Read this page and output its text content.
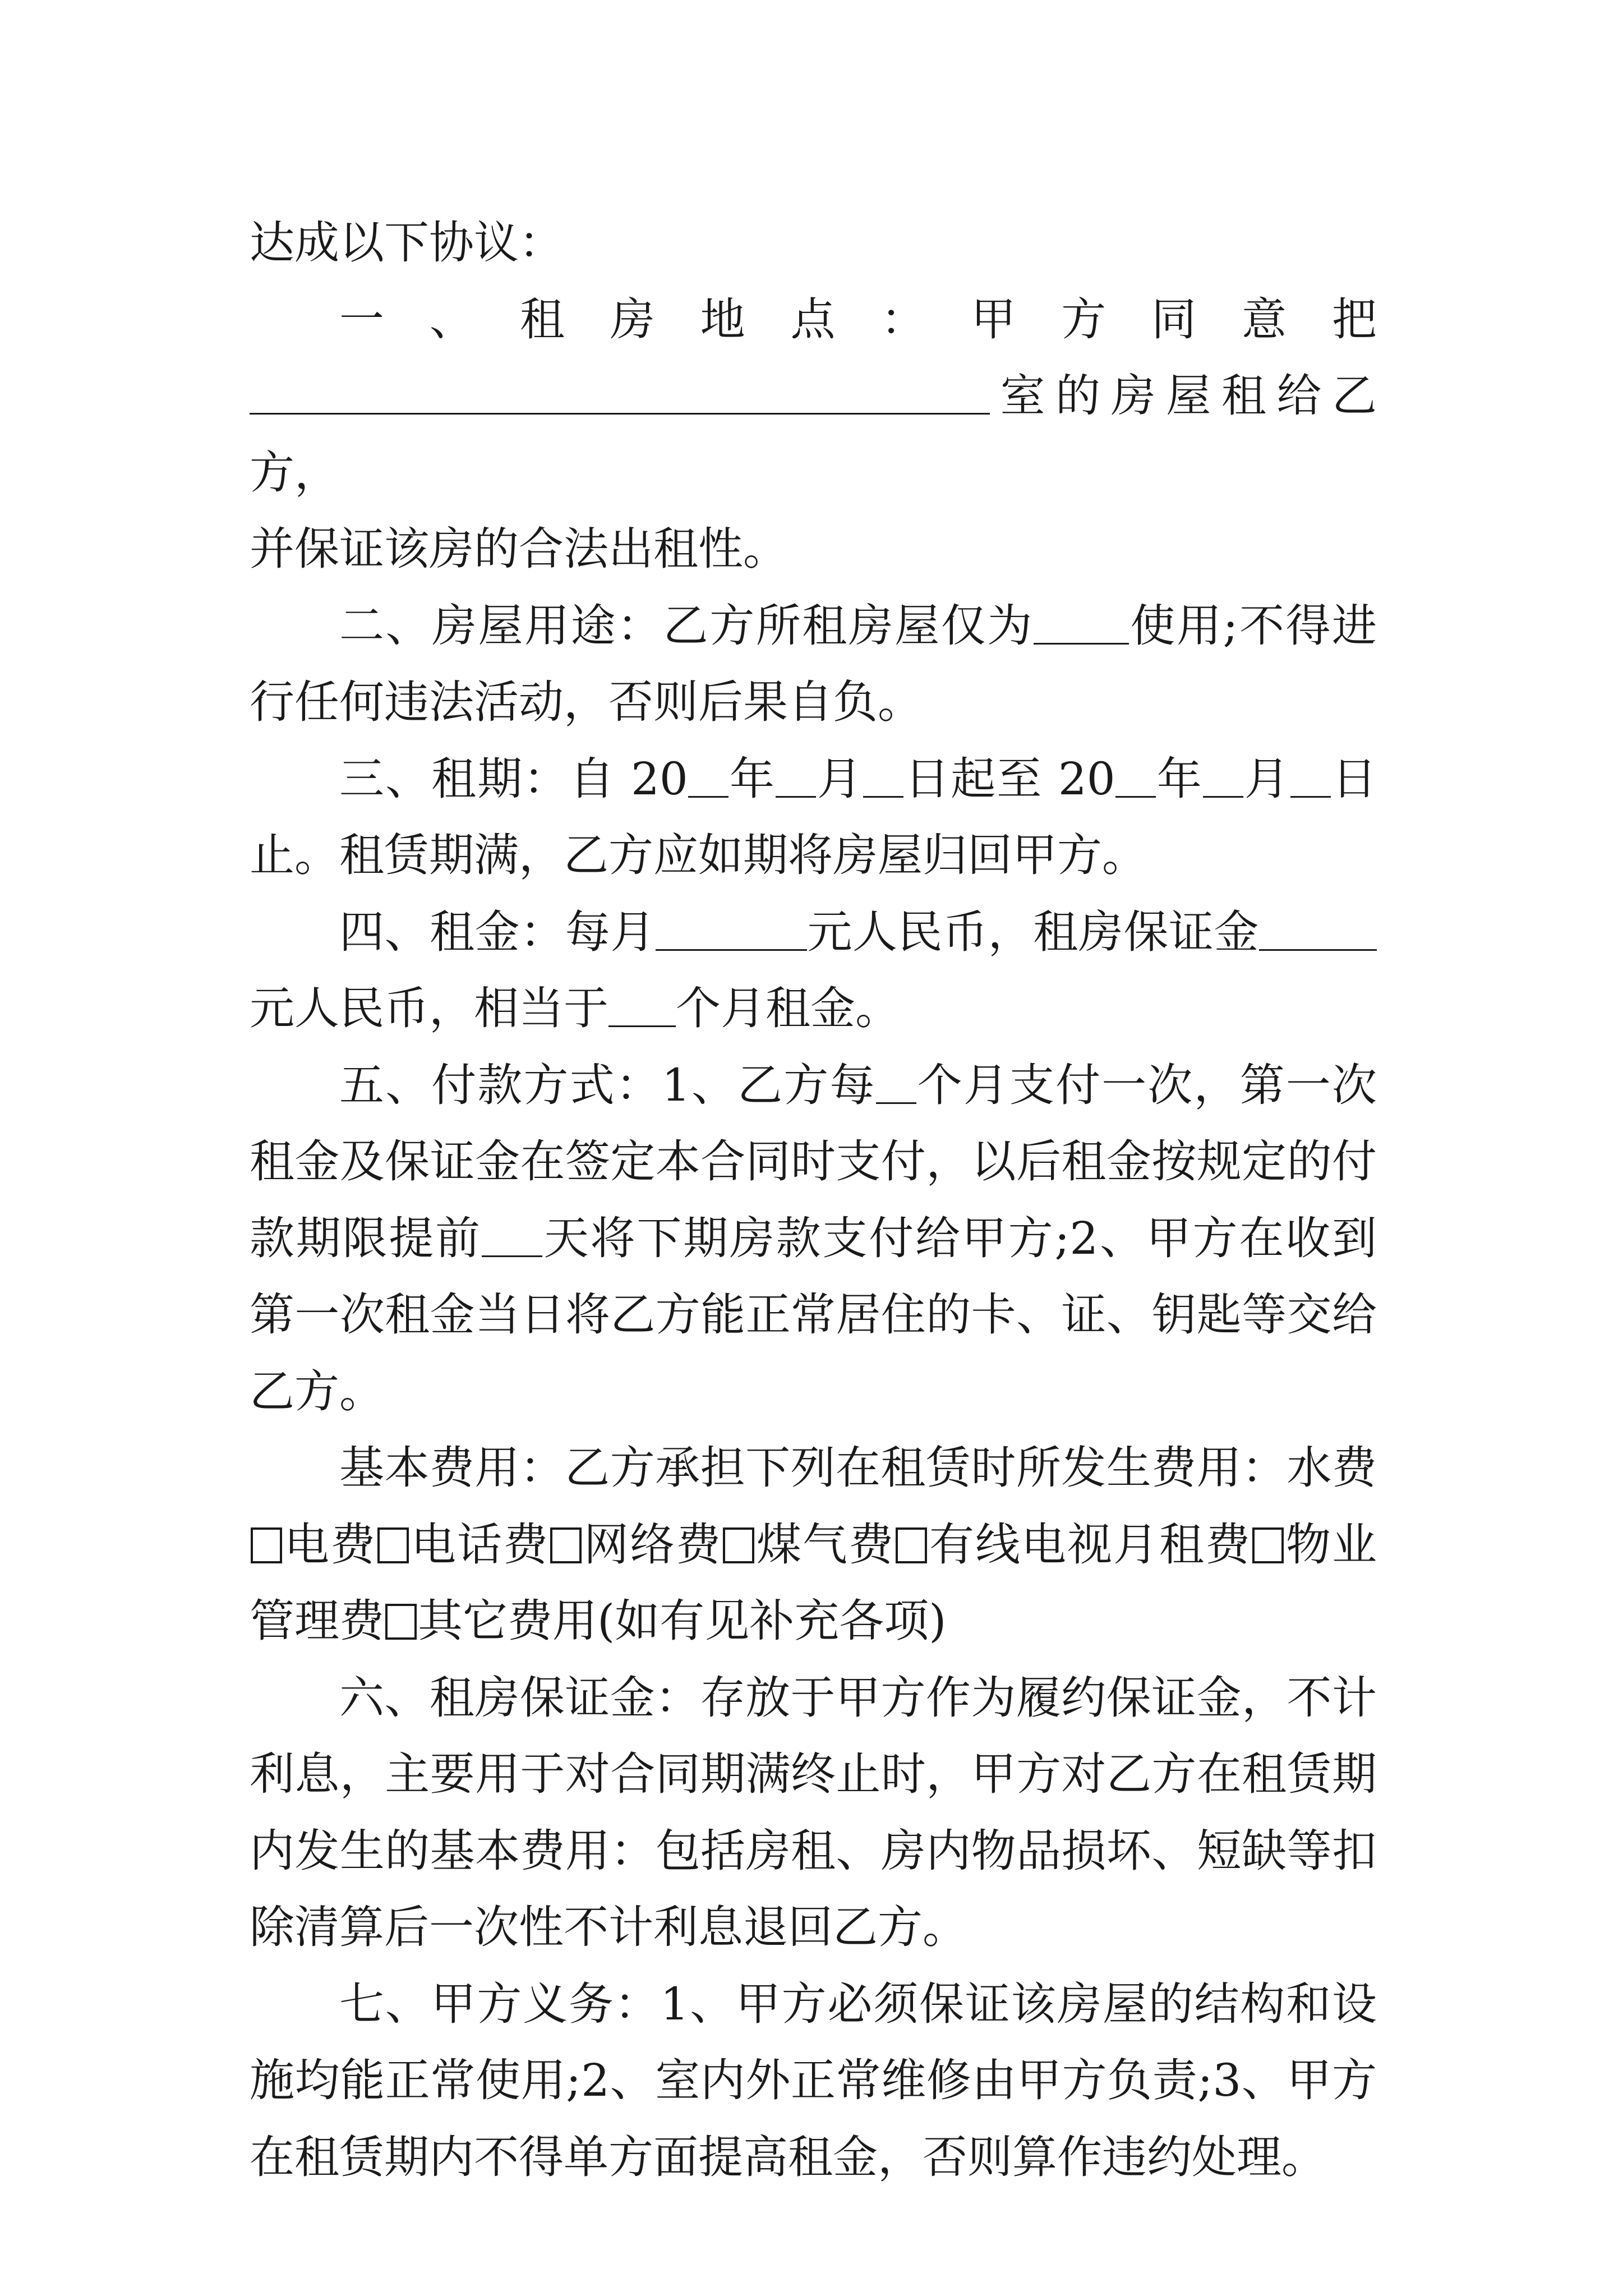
达成以下协议：

一、租房地点：甲方同意把

室的房屋租给乙方，

并保证该房的合法出租性。

二、房屋用途：乙方所租房屋仅为 使用;不得进行任何违法活动，否则后果自负。

三、租期：自 20 年 月 日起至 20 年 月 日止。租赁期满，乙方应如期将房屋归回甲方。

四、租金：每月	元人民币，租房保证金元人民币，相当于 个月租金。

五、付款方式：1、乙方每 个月支付一次，第一次租金及保证金在签定本合同时支付，以后租金按规定的付款期限提前 天将下期房款支付给甲方;2、甲方在收到第一次租金当日将乙方能正常居住的卡、证、钥匙等交给乙方。

基本费用：乙方承担下列在租赁时所发生费用：水费电费 电话费 网络费 煤气费 有线电视月租费 物业管理费 其它费用(如有见补充各项)

六、租房保证金：存放于甲方作为履约保证金，不计利息，主要用于对合同期满终止时，甲方对乙方在租赁期内发生的基本费用：包括房租、房内物品损坏、短缺等扣除清算后一次性不计利息退回乙方。

七、甲方义务：1、甲方必须保证该房屋的结构和设施均能正常使用;2、室内外正常维修由甲方负责;3、甲方在租赁期内不得单方面提高租金，否则算作违约处理。
